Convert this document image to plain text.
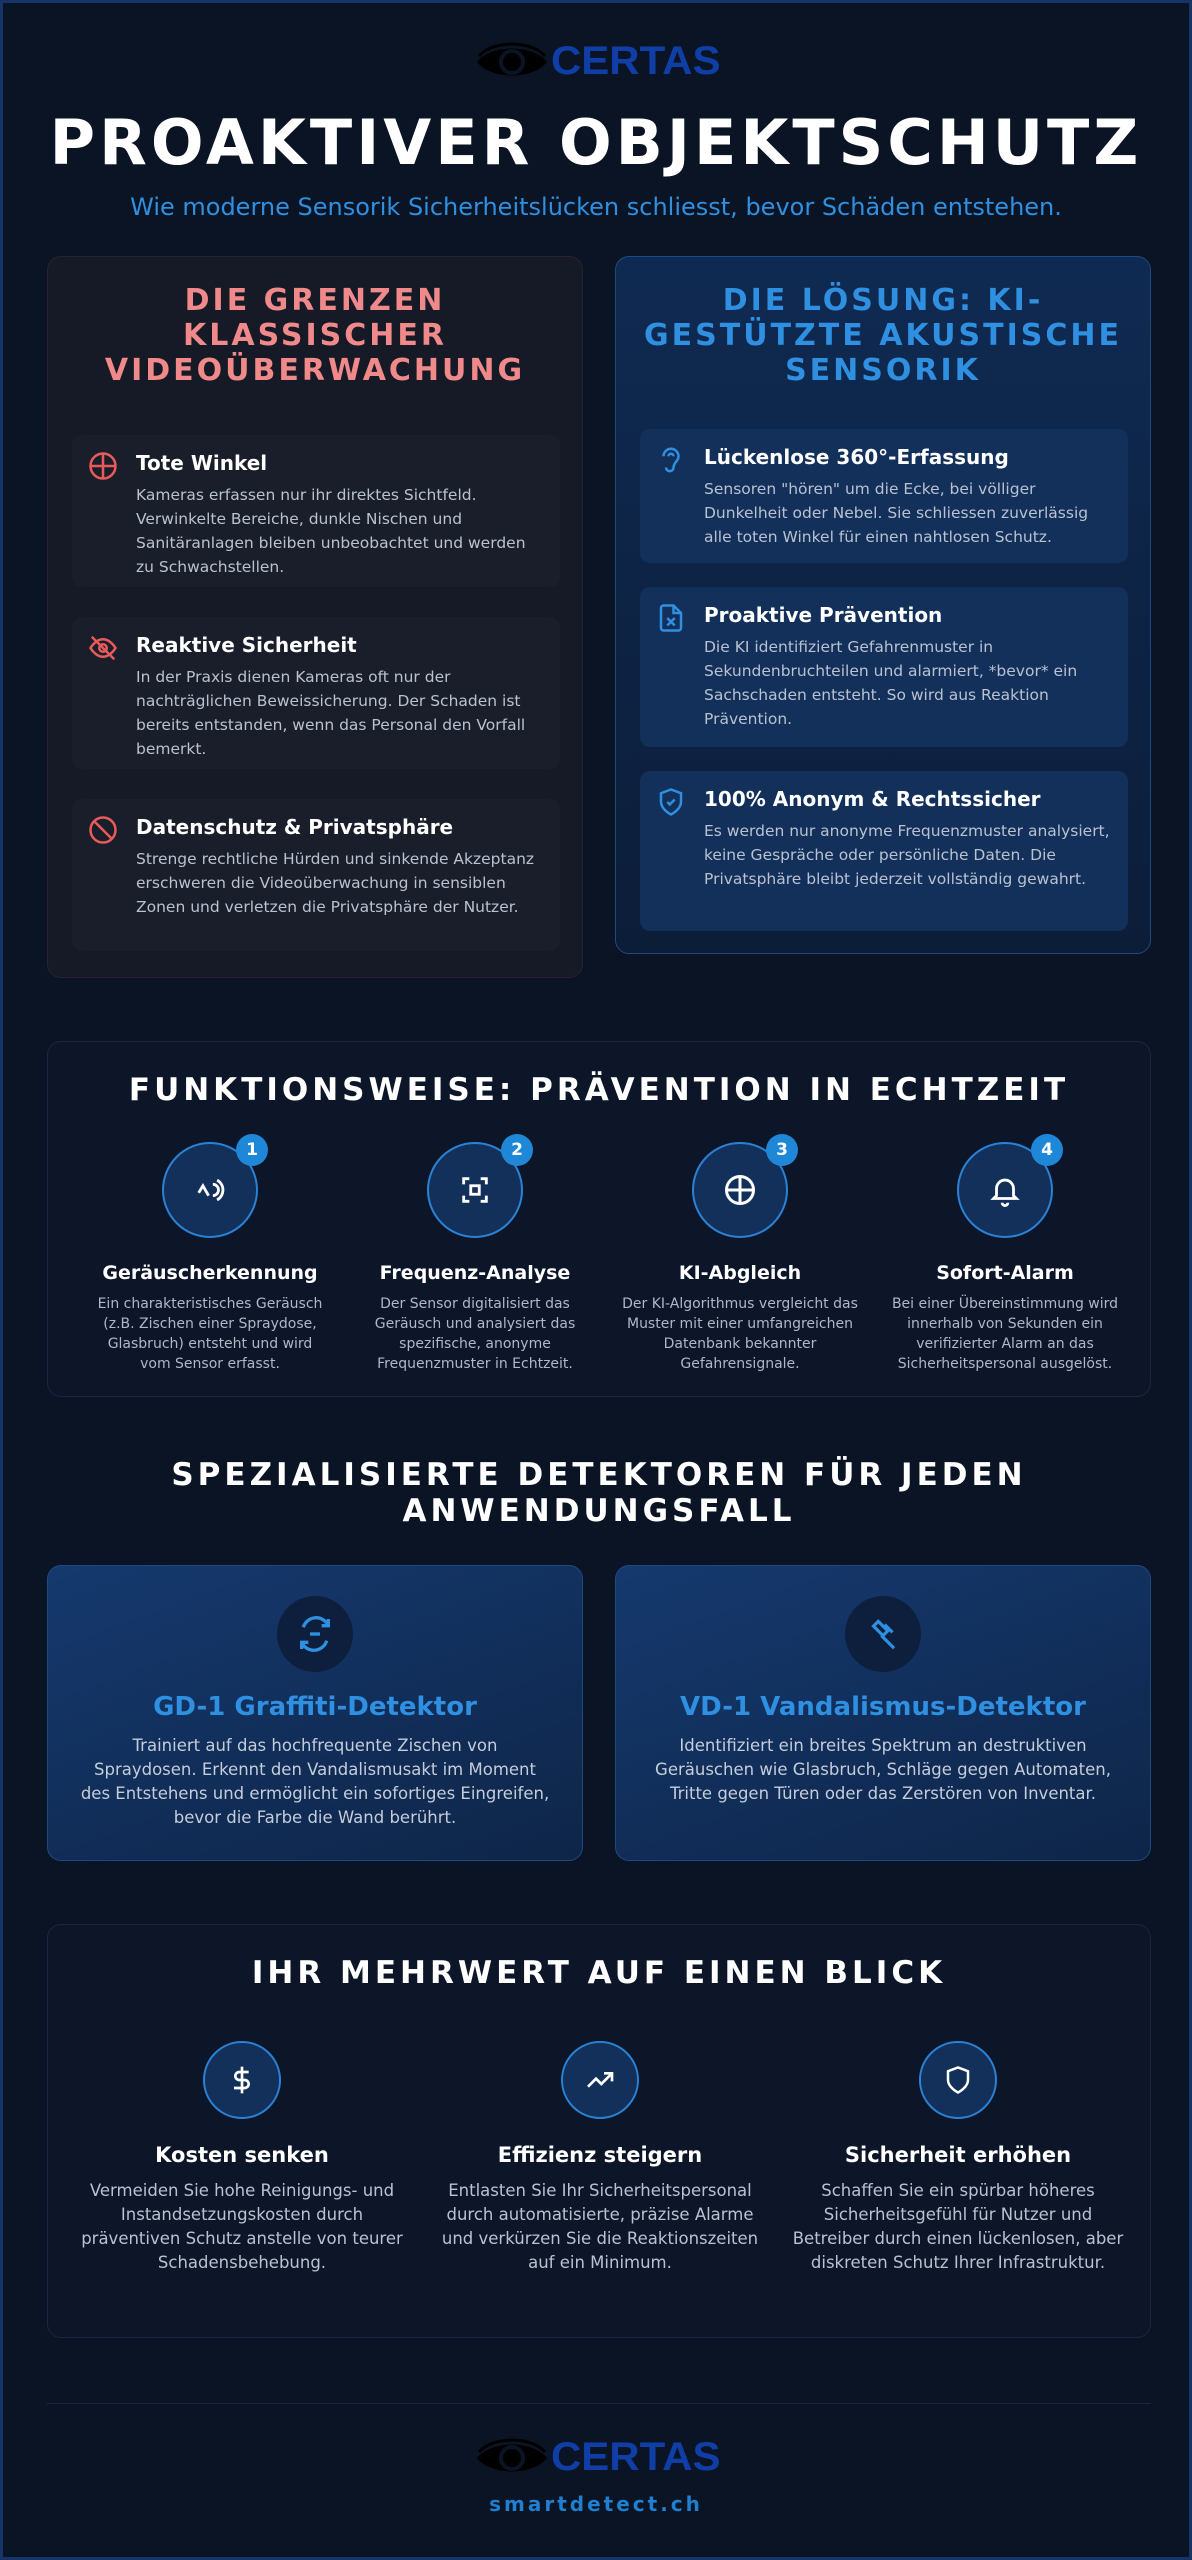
CERTAS
PROAKTIVER OBJEKTSCHUTZ
Wie moderne Sensorik Sicherheitslücken schliesst, bevor Schäden entstehen.
DIE GRENZEN KLASSISCHER VIDEOÜBERWACHUNG
Tote Winkel

Kameras erfassen nur ihr direktes Sichtfeld. Verwinkelte Bereiche, dunkle Nischen und Sanitäranlagen bleiben unbeobachtet und werden zu Schwachstellen.

Reaktive Sicherheit

In der Praxis dienen Kameras oft nur der nachträglichen Beweissicherung. Der Schaden ist bereits entstanden, wenn das Personal den Vorfall bemerkt.

Datenschutz & Privatsphäre

Strenge rechtliche Hürden und sinkende Akzeptanz erschweren die Videoüberwachung in sensiblen Zonen und verletzen die Privatsphäre der Nutzer.

DIE LÖSUNG: KI-GESTÜTZTE AKUSTISCHE SENSORIK
Lückenlose 360°-Erfassung

Sensoren "hören" um die Ecke, bei völliger Dunkelheit oder Nebel. Sie schliessen zuverlässig alle toten Winkel für einen nahtlosen Schutz.

Proaktive Prävention

Die KI identifiziert Gefahrenmuster in Sekundenbruchteilen und alarmiert, *bevor* ein Sachschaden entsteht. So wird aus Reaktion Prävention.

100% Anonym & Rechtssicher

Es werden nur anonyme Frequenzmuster analysiert, keine Gespräche oder persönliche Daten. Die Privatsphäre bleibt jederzeit vollständig gewahrt.

FUNKTIONSWEISE: PRÄVENTION IN ECHTZEIT
1
Geräuscherkennung

Ein charakteristisches Geräusch (z.B. Zischen einer Spraydose, Glasbruch) entsteht und wird vom Sensor erfasst.

2
Frequenz-Analyse

Der Sensor digitalisiert das Geräusch und analysiert das spezifische, anonyme Frequenzmuster in Echtzeit.

3
KI-Abgleich

Der KI-Algorithmus vergleicht das Muster mit einer umfangreichen Datenbank bekannter Gefahrensignale.

4
Sofort-Alarm

Bei einer Übereinstimmung wird innerhalb von Sekunden ein verifizierter Alarm an das Sicherheitspersonal ausgelöst.

SPEZIALISIERTE DETEKTOREN FÜR JEDEN ANWENDUNGSFALL
GD-1 Graffiti-Detektor

Trainiert auf das hochfrequente Zischen von Spraydosen. Erkennt den Vandalismusakt im Moment des Entstehens und ermöglicht ein sofortiges Eingreifen, bevor die Farbe die Wand berührt.

VD-1 Vandalismus-Detektor

Identifiziert ein breites Spektrum an destruktiven Geräuschen wie Glasbruch, Schläge gegen Automaten, Tritte gegen Türen oder das Zerstören von Inventar.

IHR MEHRWERT AUF EINEN BLICK
Kosten senken

Vermeiden Sie hohe Reinigungs- und Instandsetzungskosten durch präventiven Schutz anstelle von teurer Schadensbehebung.

Effizienz steigern

Entlasten Sie Ihr Sicherheitspersonal durch automatisierte, präzise Alarme und verkürzen Sie die Reaktionszeiten auf ein Minimum.

Sicherheit erhöhen

Schaffen Sie ein spürbar höheres Sicherheitsgefühl für Nutzer und Betreiber durch einen lückenlosen, aber diskreten Schutz Ihrer Infrastruktur.

CERTAS
smartdetect.ch
